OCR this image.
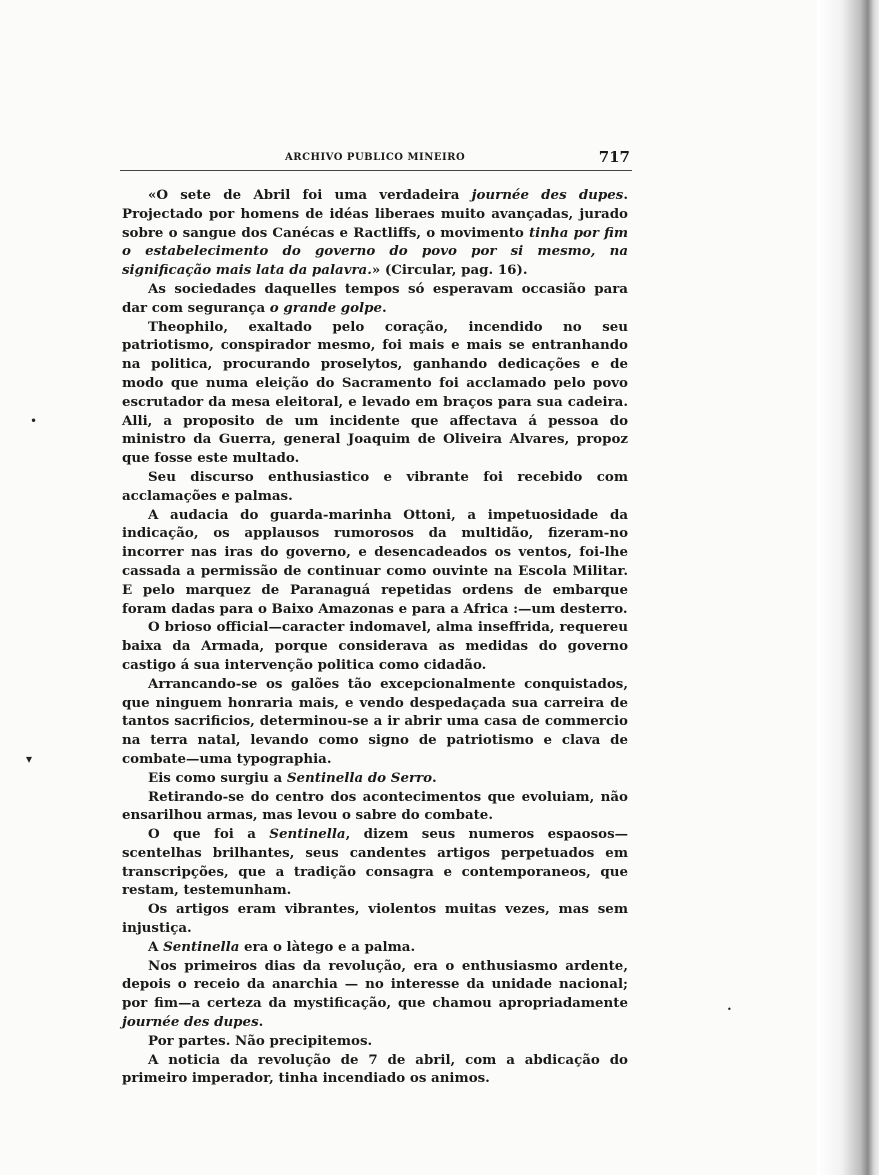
ARCHIVO PUBLICO MINEIRO	717

«O sete de Abril foi uma verdadeira journée des dupes. Projectado por homens de idéas liberaes muito avançadas, jurado sobre o sangue dos Canécas e Ractliffs, o movimento tinha por fim o estabelecimento do governo do povo por si mesmo, na significação mais lata da palavra.» (Circular, pag. 16).

As sociedades daquelles tempos só esperavam occasião para dar com segurança o grande golpe.

Theophilo, exaltado pelo coração, incendido no seu patriotismo, conspirador mesmo, foi mais e mais se entranhando na politica, procurando proselytos, ganhando dedicações e de modo que numa eleição do Sacramento foi acclamado pelo povo escrutador da mesa eleitoral, e levado em braços para sua cadeira. Alli, a proposito de um incidente que affectava á pessoa do ministro da Guerra, general Joaquim de Oliveira Alvares, propoz que fosse este multado.

Seu discurso enthusiastico e vibrante foi recebido com acclamações e palmas.

A audacia do guarda-marinha Ottoni, a impetuosidade da indicação, os applausos rumorosos da multidão, fizeram-no incorrer nas iras do governo, e desencadeados os ventos, foi-lhe cassada a permissão de continuar como ouvinte na Escola Militar. E pelo marquez de Paranaguá repetidas ordens de embarque foram dadas para o Baixo Amazonas e para a Africa :—um desterro.

O brioso official—caracter indomavel, alma inseffrida, requereu baixa da Armada, porque considerava as medidas do governo castigo á sua intervenção politica como cidadão.

Arrancando-se os galões tão excepcionalmente conquistados, que ninguem honraria mais, e vendo despedaçada sua carreira de tantos sacrificios, determinou-se a ir abrir uma casa de commercio na terra natal, levando como signo de patriotismo e clava de combate—uma typographia.

Eis como surgiu a Sentinella do Serro.

Retirando-se do centro dos acontecimentos que evoluiam, não ensarilhou armas, mas levou o sabre do combate.

O que foi a Sentinella, dizem seus numeros espaosos—scentelhas brilhantes, seus candentes artigos perpetuados em transcripções, que a tradição consagra e contemporaneos, que restam, testemunham.

Os artigos eram vibrantes, violentos muitas vezes, mas sem injustiça.

A Sentinella era o làtego e a palma.

Nos primeiros dias da revolução, era o enthusiasmo ardente, depois o receio da anarchia — no interesse da unidade nacional; por fim—a certeza da mystificação, que chamou apropriadamente journée des dupes.

Por partes. Não precipitemos.

A noticia da revolução de 7 de abril, com a abdicação do primeiro imperador, tinha incendiado os animos.

•
▾
•
